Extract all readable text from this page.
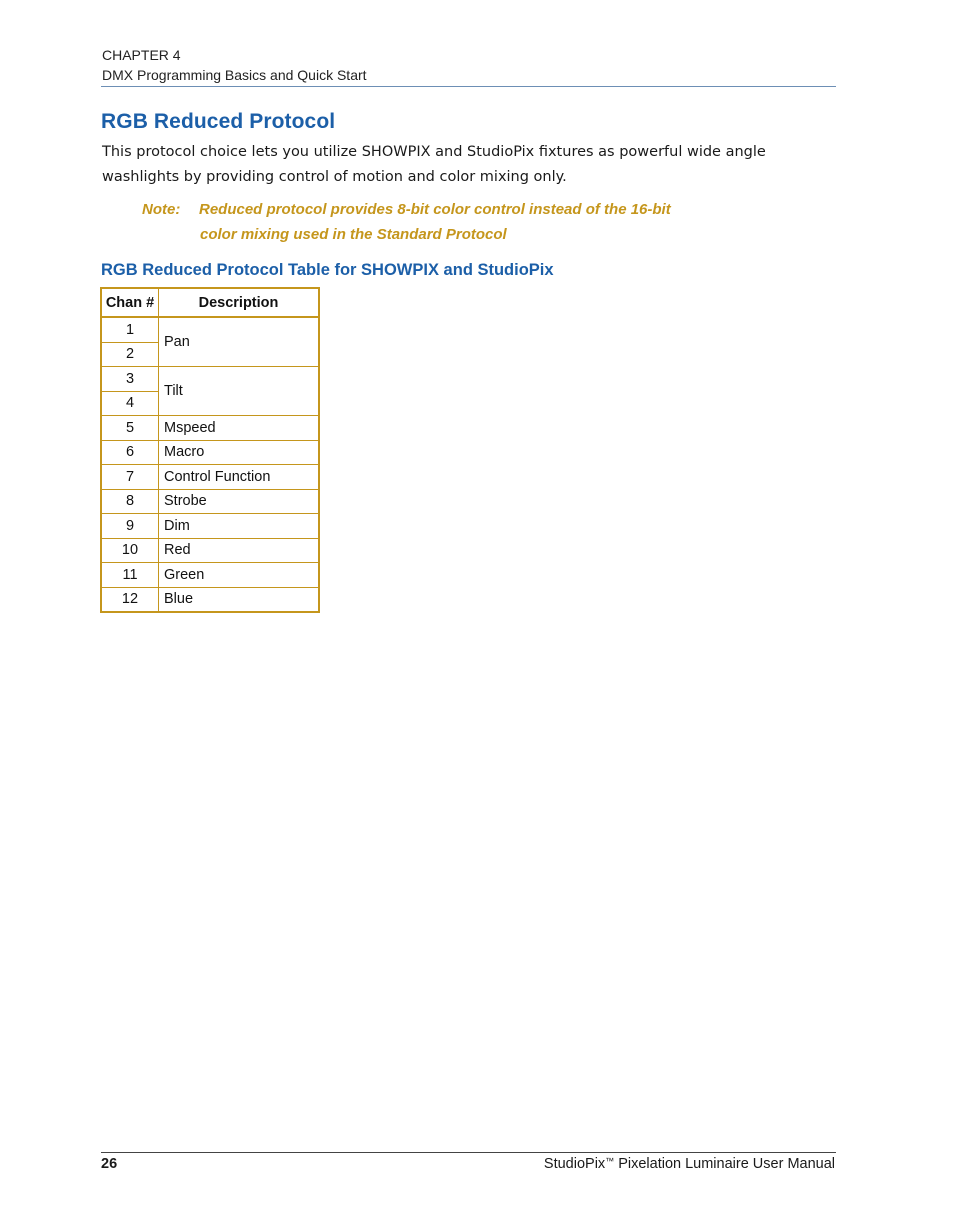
CHAPTER 4
DMX Programming Basics and Quick Start
RGB Reduced Protocol
This protocol choice lets you utilize SHOWPIX and StudioPix fixtures as powerful wide angle
washlights by providing control of motion and color mixing only.
Note: Reduced protocol provides 8-bit color control instead of the 16-bit
color mixing used in the Standard Protocol
RGB Reduced Protocol Table for SHOWPIX and StudioPix
Chan #	Description
1	Pan
2	
3	Tilt
4	
5	Mspeed
6	Macro
7	Control Function
8	Strobe
9	Dim
10	Red
11	Green
12	Blue
26	StudioPix™ Pixelation Luminaire User Manual
